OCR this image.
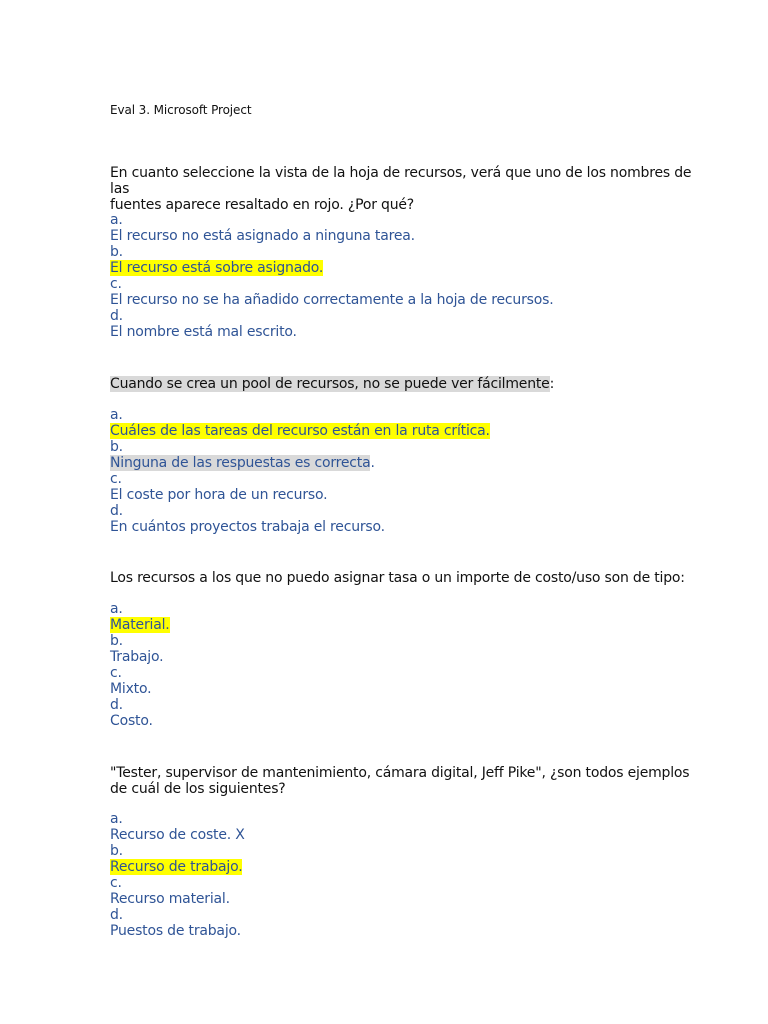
Eval 3. Microsoft Project
En cuanto seleccione la vista de la hoja de recursos, verá que uno de los nombres de las
fuentes aparece resaltado en rojo. ¿Por qué?
a.
El recurso no está asignado a ninguna tarea.
b.
El recurso está sobre asignado.
c.
El recurso no se ha añadido correctamente a la hoja de recursos.
d.
El nombre está mal escrito.
Cuando se crea un pool de recursos, no se puede ver fácilmente:
a.
Cuáles de las tareas del recurso están en la ruta crítica.
b.
Ninguna de las respuestas es correcta.
c.
El coste por hora de un recurso.
d.
En cuántos proyectos trabaja el recurso.
Los recursos a los que no puedo asignar tasa o un importe de costo/uso son de tipo:
a.
Material.
b.
Trabajo.
c.
Mixto.
d.
Costo.
"Tester, supervisor de mantenimiento, cámara digital, Jeff Pike", ¿son todos ejemplos
de cuál de los siguientes?
a.
Recurso de coste. X
b.
Recurso de trabajo.
c.
Recurso material.
d.
Puestos de trabajo.
